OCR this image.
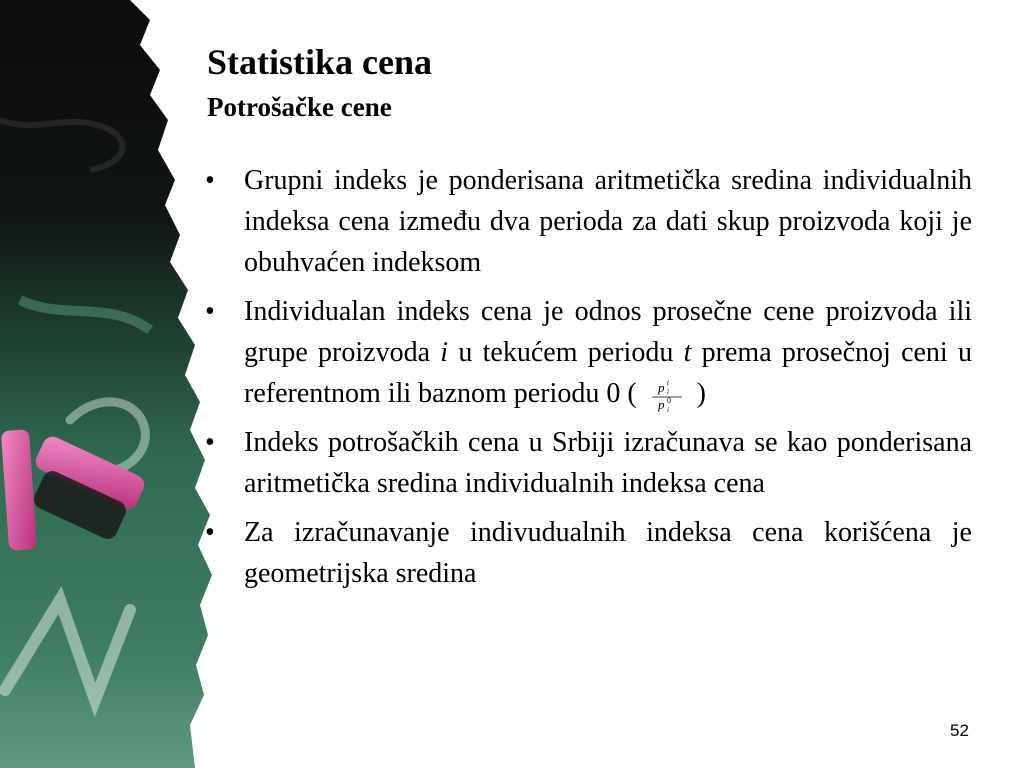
Statistika cena
Potrošačke cene
• Grupni indeks je ponderisana aritmetička sredina individualnih indeksa cena između dva perioda za dati skup proizvoda koji je obuhvaćen indeksom
• Individualan indeks cena je odnos prosečne cene proizvoda ili grupe proizvoda i u tekućem periodu t prema prosečnoj ceni u referentnom ili baznom periodu 0 ( p t
i
p 0
i
)
• Indeks potrošačkih cena u Srbiji izračunava se kao ponderisana aritmetička sredina individualnih indeksa cena
• Za izračunavanje indivudualnih indeksa cena korišćena je geometrijska sredina
52
